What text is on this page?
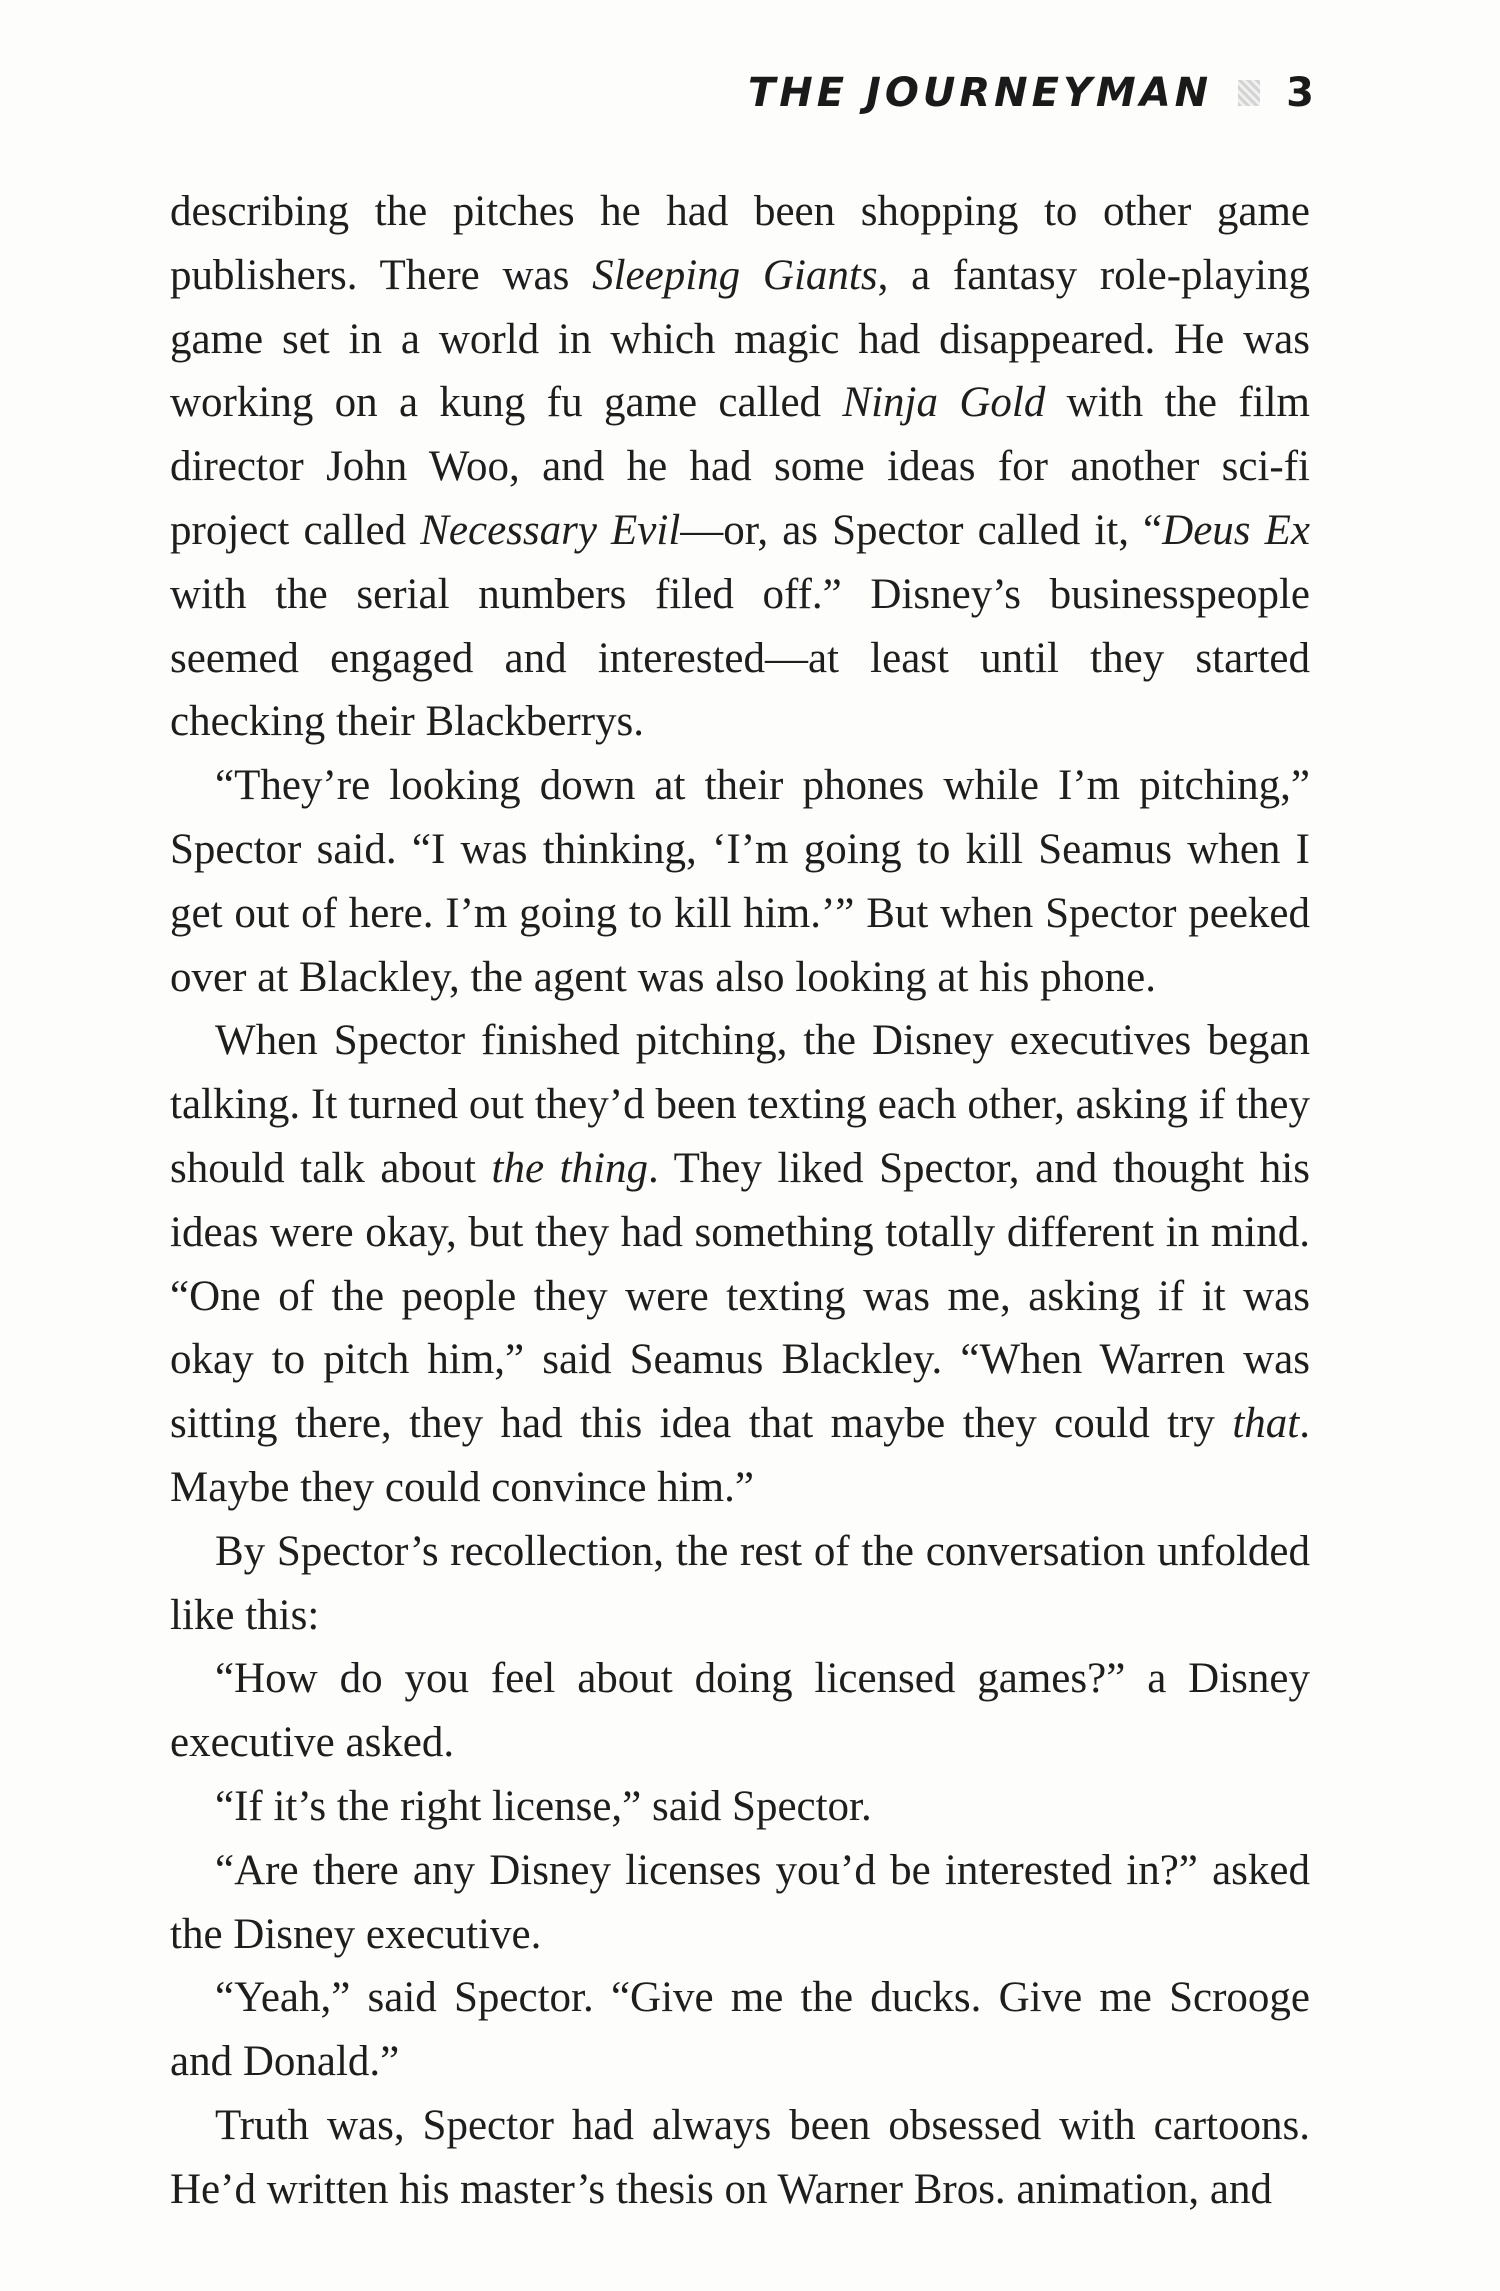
THE JOURNEYMAN 3

describing the pitches he had been shopping to other game publishers. There was Sleeping Giants, a fantasy role-playing game set in a world in which magic had disappeared. He was working on a kung fu game called Ninja Gold with the film director John Woo, and he had some ideas for another sci-fi project called Necessary Evil—or, as Spector called it, “Deus Ex with the serial numbers filed off.” Disney’s businesspeople seemed engaged and interested—at least until they started checking their Blackberrys.

“They’re looking down at their phones while I’m pitching,” Spector said. “I was thinking, ‘I’m going to kill Seamus when I get out of here. I’m going to kill him.’” But when Spector peeked over at Blackley, the agent was also looking at his phone.

When Spector finished pitching, the Disney executives began talking. It turned out they’d been texting each other, asking if they should talk about the thing. They liked Spector, and thought his ideas were okay, but they had something totally different in mind. “One of the people they were texting was me, asking if it was okay to pitch him,” said Seamus Blackley. “When Warren was sitting there, they had this idea that maybe they could try that. Maybe they could convince him.”

By Spector’s recollection, the rest of the conversation unfolded like this:

“How do you feel about doing licensed games?” a Disney executive asked.

“If it’s the right license,” said Spector.

“Are there any Disney licenses you’d be interested in?” asked the Disney executive.

“Yeah,” said Spector. “Give me the ducks. Give me Scrooge and Donald.”

Truth was, Spector had always been obsessed with cartoons. He’d written his master’s thesis on Warner Bros. animation, and
